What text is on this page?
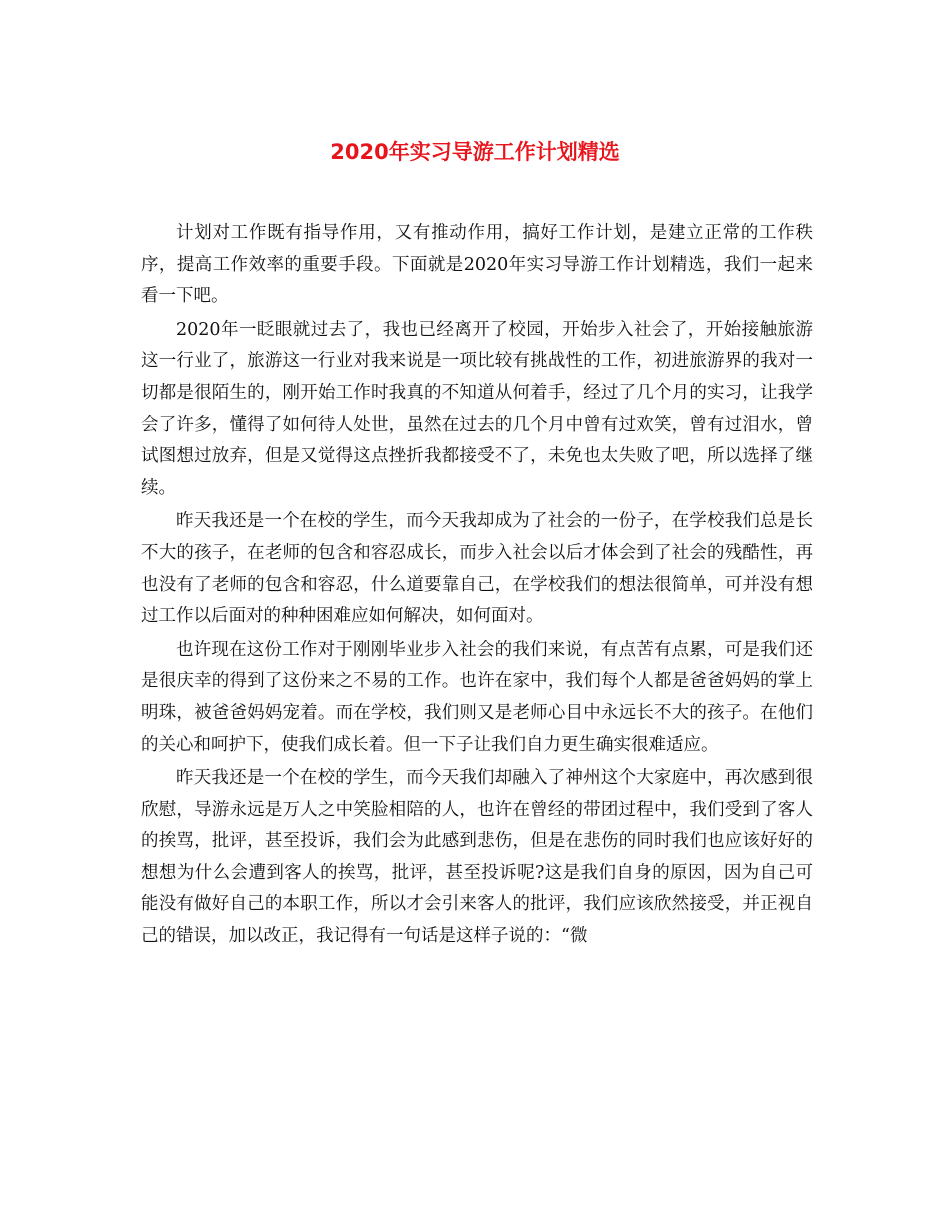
2020年实习导游工作计划精选

计划对工作既有指导作用，又有推动作用，搞好工作计划，是建立正常的工作秩序，提高工作效率的重要手段。下面就是2020年实习导游工作计划精选，我们一起来看一下吧。

2020年一眨眼就过去了，我也已经离开了校园，开始步入社会了，开始接触旅游这一行业了，旅游这一行业对我来说是一项比较有挑战性的工作，初进旅游界的我对一切都是很陌生的，刚开始工作时我真的不知道从何着手，经过了几个月的实习，让我学会了许多，懂得了如何待人处世，虽然在过去的几个月中曾有过欢笑，曾有过泪水，曾试图想过放弃，但是又觉得这点挫折我都接受不了，未免也太失败了吧，所以选择了继续。

昨天我还是一个在校的学生，而今天我却成为了社会的一份子，在学校我们总是长不大的孩子，在老师的包含和容忍成长，而步入社会以后才体会到了社会的残酷性，再也没有了老师的包含和容忍，什么道要靠自己，在学校我们的想法很简单，可并没有想过工作以后面对的种种困难应如何解决，如何面对。

也许现在这份工作对于刚刚毕业步入社会的我们来说，有点苦有点累，可是我们还是很庆幸的得到了这份来之不易的工作。也许在家中，我们每个人都是爸爸妈妈的掌上明珠，被爸爸妈妈宠着。而在学校，我们则又是老师心目中永远长不大的孩子。在他们的关心和呵护下，使我们成长着。但一下子让我们自力更生确实很难适应。

昨天我还是一个在校的学生，而今天我们却融入了神州这个大家庭中，再次感到很欣慰，导游永远是万人之中笑脸相陪的人，也许在曾经的带团过程中，我们受到了客人的挨骂，批评，甚至投诉，我们会为此感到悲伤，但是在悲伤的同时我们也应该好好的想想为什么会遭到客人的挨骂，批评，甚至投诉呢?这是我们自身的原因，因为自己可能没有做好自己的本职工作，所以才会引来客人的批评，我们应该欣然接受，并正视自己的错误，加以改正，我记得有一句话是这样子说的：“微
